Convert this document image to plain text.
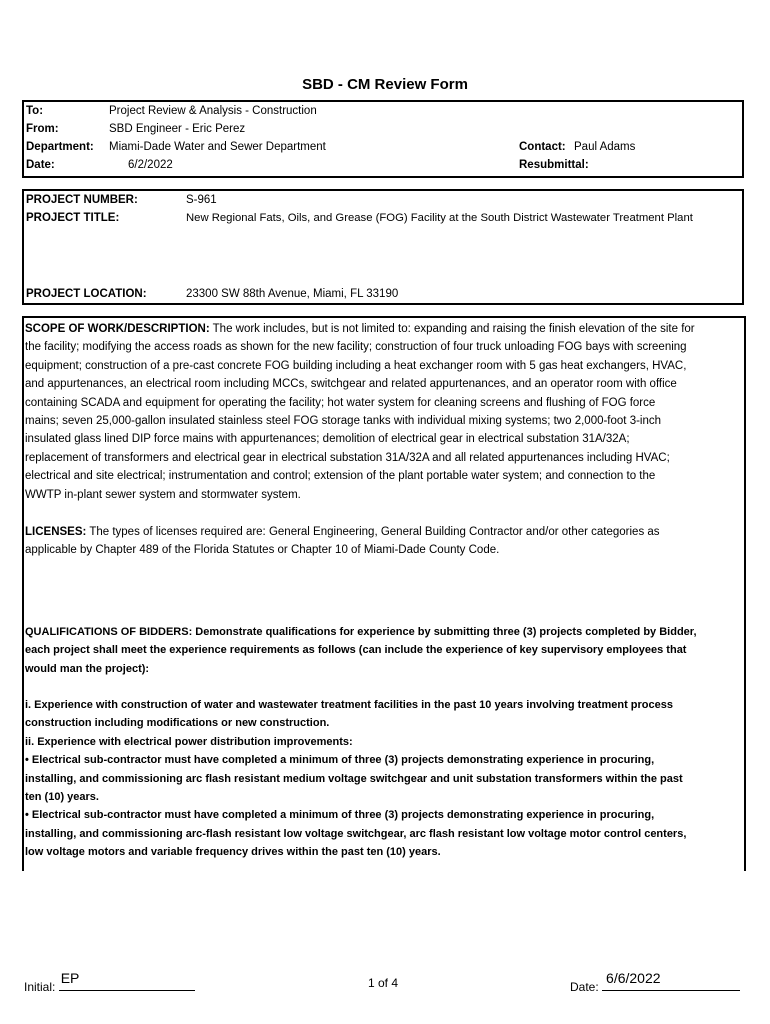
SBD - CM Review Form
To:	Project Review & Analysis - Construction
From:	SBD Engineer - Eric Perez
Department: Miami-Dade Water and Sewer Department	Contact: Paul Adams
Date:	6/2/2022	Resubmittal:
PROJECT NUMBER:	S-961
PROJECT TITLE:	New Regional Fats, Oils, and Grease (FOG) Facility at the South District Wastewater Treatment Plant
PROJECT LOCATION:	23300 SW 88th Avenue, Miami, FL 33190
SCOPE OF WORK/DESCRIPTION: The work includes, but is not limited to: expanding and raising the finish elevation of the site for
the facility; modifying the access roads as shown for the new facility; construction of four truck unloading FOG bays with screening
equipment; construction of a pre-cast concrete FOG building including a heat exchanger room with 5 gas heat exchangers, HVAC,
and appurtenances, an electrical room including MCCs, switchgear and related appurtenances, and an operator room with office
containing SCADA and equipment for operating the facility; hot water system for cleaning screens and flushing of FOG force
mains; seven 25,000-gallon insulated stainless steel FOG storage tanks with individual mixing systems; two 2,000-foot 3-inch
insulated glass lined DIP force mains with appurtenances; demolition of electrical gear in electrical substation 31A/32A;
replacement of transformers and electrical gear in electrical substation 31A/32A and all related appurtenances including HVAC;
electrical and site electrical; instrumentation and control; extension of the plant portable water system; and connection to the
WWTP in-plant sewer system and stormwater system.
LICENSES: The types of licenses required are: General Engineering, General Building Contractor and/or other categories as
applicable by Chapter 489 of the Florida Statutes or Chapter 10 of Miami-Dade County Code.
QUALIFICATIONS OF BIDDERS: Demonstrate qualifications for experience by submitting three (3) projects completed by Bidder,
each project shall meet the experience requirements as follows (can include the experience of key supervisory employees that
would man the project):
i. Experience with construction of water and wastewater treatment facilities in the past 10 years involving treatment process
construction including modifications or new construction.
ii. Experience with electrical power distribution improvements:
• Electrical sub-contractor must have completed a minimum of three (3) projects demonstrating experience in procuring,
installing, and commissioning arc flash resistant medium voltage switchgear and unit substation transformers within the past
ten (10) years.
• Electrical sub-contractor must have completed a minimum of three (3) projects demonstrating experience in procuring,
installing, and commissioning arc-flash resistant low voltage switchgear, arc flash resistant low voltage motor control centers,
low voltage motors and variable frequency drives within the past ten (10) years.
Initial:
EP	1 of 4	Date:
6/6/2022
